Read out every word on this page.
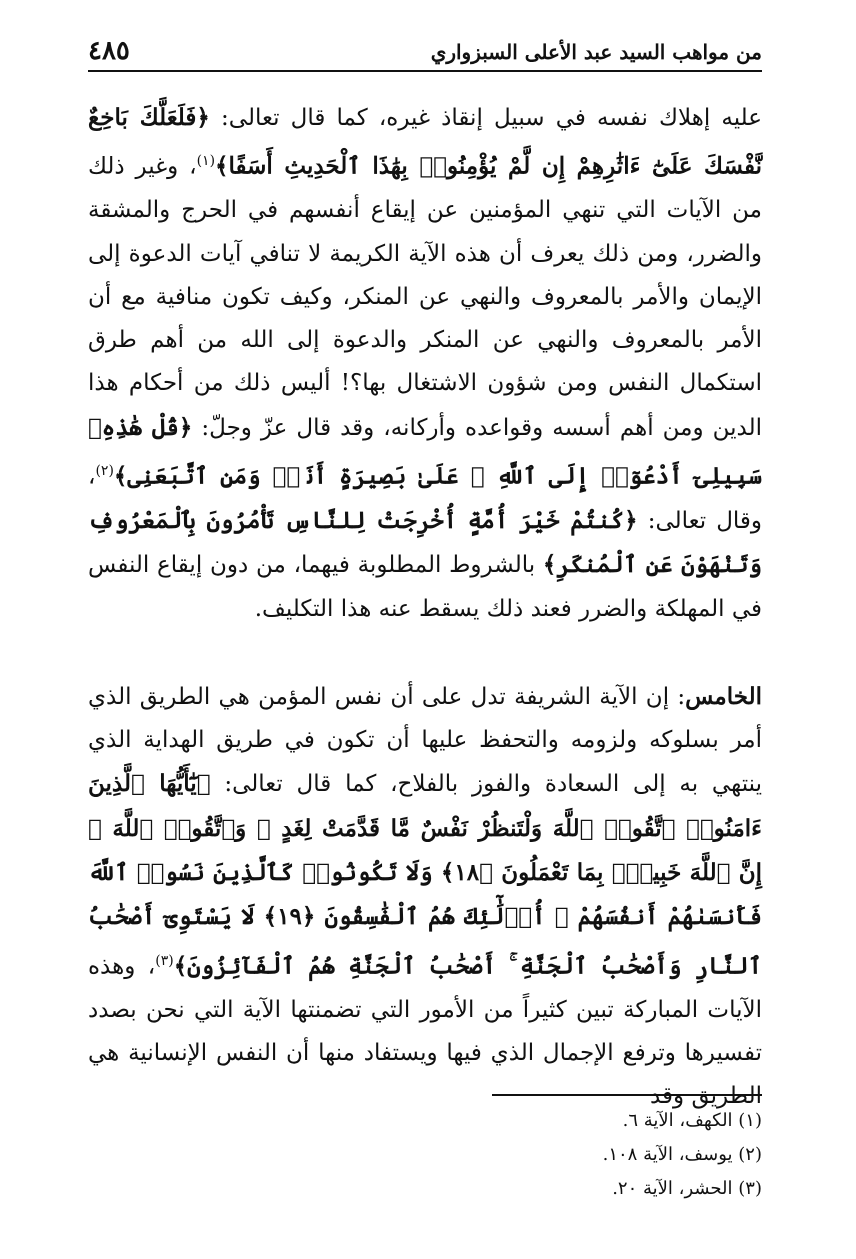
٤٨٥	من مواهب السيد عبد الأعلى السبزواري

عليه إهلاك نفسه في سبيل إنقاذ غيره، كما قال تعالى: ﴿فَلَعَلَّكَ بَاخِعٌ نَّفْسَكَ عَلَىٰٓ ءَاثَٰرِهِمْ إِن لَّمْ يُؤْمِنُوا۟ بِهَٰذَا ٱلْحَدِيثِ أَسَفًا﴾$^{(١)}$، وغير ذلك من الآيات التي تنهي المؤمنين عن إيقاع أنفسهم في الحرج والمشقة والضرر، ومن ذلك يعرف أن هذه الآية الكريمة لا تنافي آيات الدعوة إلى الإيمان والأمر بالمعروف والنهي عن المنكر، وكيف تكون منافية مع أن الأمر بالمعروف والنهي عن المنكر والدعوة إلى الله من أهم طرق استكمال النفس ومن شؤون الاشتغال بها؟! أليس ذلك من أحكام هذا الدين ومن أهم أسسه وقواعده وأركانه، وقد قال عزّ وجلّ: ﴿قُلْ هَٰذِهِۦ سَبِيلِىٓ أَدْعُوٓا۟ إِلَى ٱللَّهِ ۚ عَلَىٰ بَصِيرَةٍ أَنَا۠ وَمَنِ ٱتَّبَعَنِى﴾$^{(٢)}$، وقال تعالى: ﴿كُنتُمْ خَيْرَ أُمَّةٍ أُخْرِجَتْ لِلنَّاسِ تَأْمُرُونَ بِٱلْمَعْرُوفِ وَتَنْهَوْنَ عَنِ ٱلْمُنكَرِ﴾ بالشروط المطلوبة فيهما، من دون إيقاع النفس في المهلكة والضرر فعند ذلك يسقط عنه هذا التكليف.

الخامس: إن الآية الشريفة تدل على أن نفس المؤمن هي الطريق الذي أمر بسلوكه ولزومه والتحفظ عليها أن تكون في طريق الهداية الذي ينتهي به إلى السعادة والفوز بالفلاح، كما قال تعالى: ﴿يَٰٓأَيُّهَا ٱلَّذِينَ ءَامَنُوا۟ ٱتَّقُوا۟ ٱللَّهَ وَلْتَنظُرْ نَفْسٌ مَّا قَدَّمَتْ لِغَدٍ ۖ وَٱتَّقُوا۟ ٱللَّهَ ۚ إِنَّ ٱللَّهَ خَبِيرٌۢ بِمَا تَعْمَلُونَ ﴿١٨﴾ وَلَا تَكُونُوا۟ كَٱلَّذِينَ نَسُوا۟ ٱللَّهَ فَأَنسَىٰهُمْ أَنفُسَهُمْ ۚ أُو۟لَٰٓئِكَ هُمُ ٱلْفَٰسِقُونَ ﴿١٩﴾ لَا يَسْتَوِىٓ أَصْحَٰبُ ٱلنَّارِ وَأَصْحَٰبُ ٱلْجَنَّةِ ۚ أَصْحَٰبُ ٱلْجَنَّةِ هُمُ ٱلْفَآئِزُونَ﴾$^{(٣)}$، وهذه الآيات المباركة تبين كثيراً من الأمور التي تضمنتها الآية التي نحن بصدد تفسيرها وترفع الإجمال الذي فيها ويستفاد منها أن النفس الإنسانية هي الطريق وقد

(١) الكهف، الآية ٦.

(٢) يوسف، الآية ١٠٨.

(٣) الحشر، الآية ٢٠.
